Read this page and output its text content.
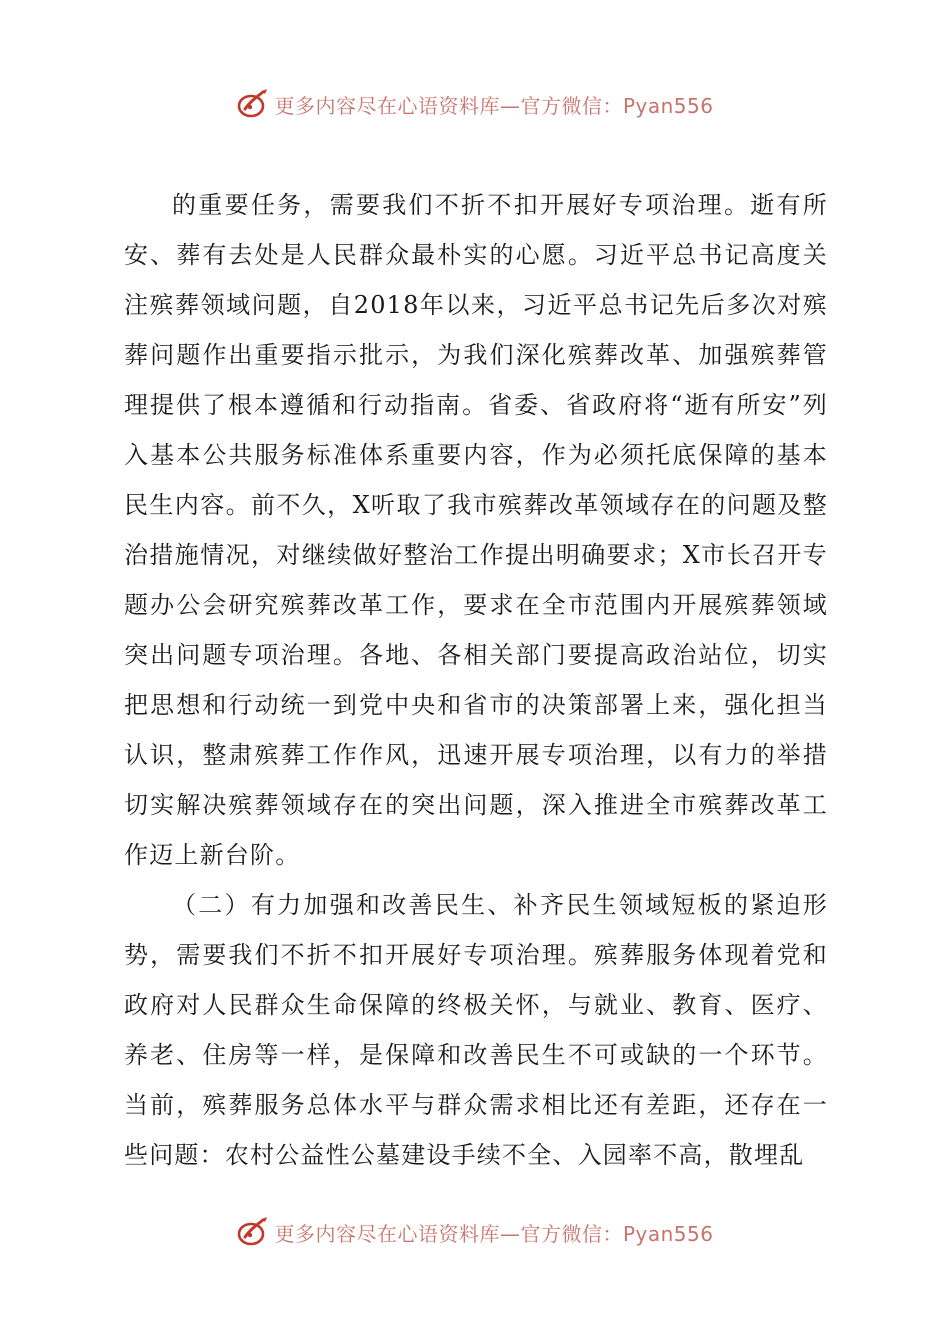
更多内容尽在心语资料库—官方微信：Pyan556

的重要任务，需要我们不折不扣开展好专项治理。逝有所安、葬有去处是人民群众最朴实的心愿。习近平总书记高度关注殡葬领域问题，自2018年以来，习近平总书记先后多次对殡葬问题作出重要指示批示，为我们深化殡葬改革、加强殡葬管理提供了根本遵循和行动指南。省委、省政府将“逝有所安”列入基本公共服务标准体系重要内容，作为必须托底保障的基本民生内容。前不久，X听取了我市殡葬改革领域存在的问题及整治措施情况，对继续做好整治工作提出明确要求；X市长召开专题办公会研究殡葬改革工作，要求在全市范围内开展殡葬领域突出问题专项治理。各地、各相关部门要提高政治站位，切实把思想和行动统一到党中央和省市的决策部署上来，强化担当认识，整肃殡葬工作作风，迅速开展专项治理，以有力的举措切实解决殡葬领域存在的突出问题，深入推进全市殡葬改革工作迈上新台阶。

（二）有力加强和改善民生、补齐民生领域短板的紧迫形势，需要我们不折不扣开展好专项治理。殡葬服务体现着党和政府对人民群众生命保障的终极关怀，与就业、教育、医疗、养老、住房等一样，是保障和改善民生不可或缺的一个环节。当前，殡葬服务总体水平与群众需求相比还有差距，还存在一些问题：农村公益性公墓建设手续不全、入园率不高，散埋乱

更多内容尽在心语资料库—官方微信：Pyan556
